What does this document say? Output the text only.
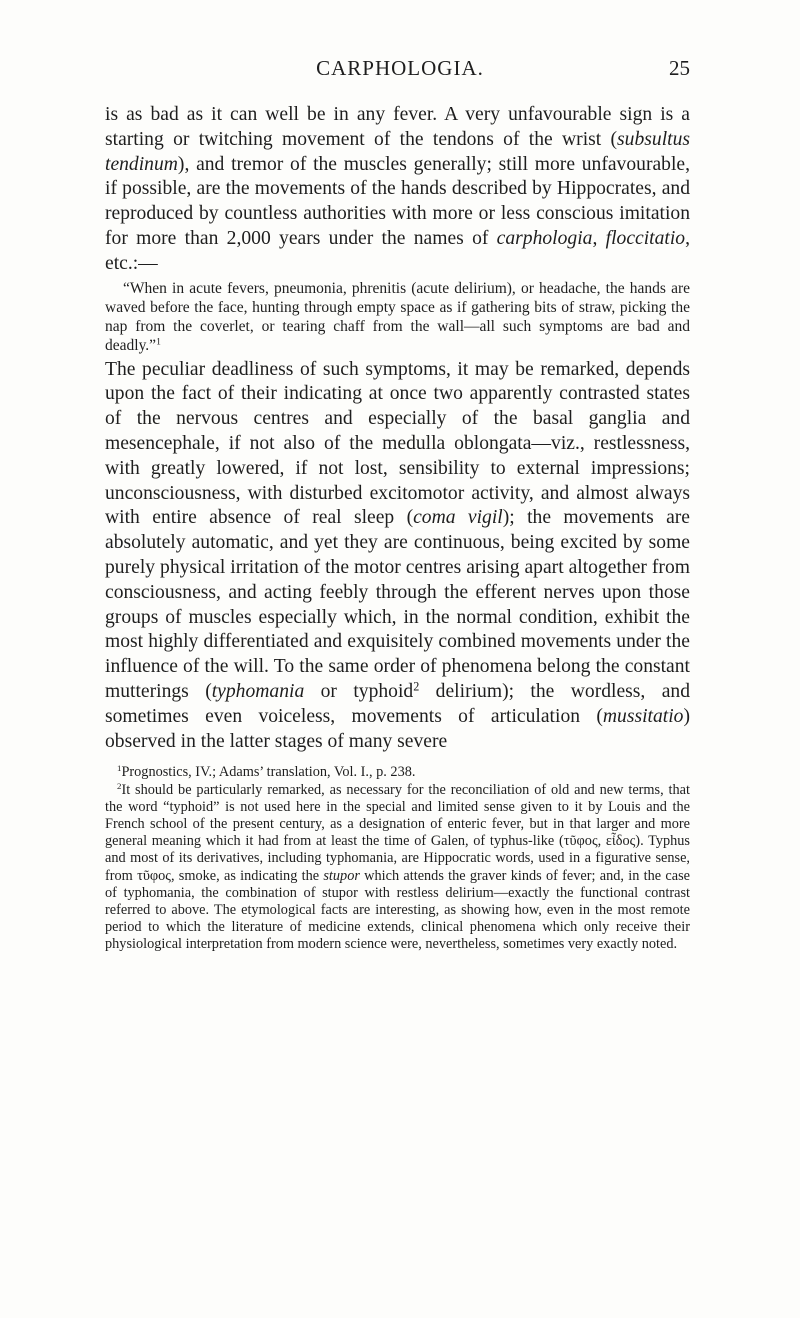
CARPHOLOGIA.	25

is as bad as it can well be in any fever. A very unfavourable sign is a starting or twitching movement of the tendons of the wrist (subsultus tendinum), and tremor of the muscles generally; still more unfavourable, if possible, are the movements of the hands described by Hippocrates, and reproduced by countless authorities with more or less conscious imitation for more than 2,000 years under the names of carphologia, floccitatio, etc.:—

“When in acute fevers, pneumonia, phrenitis (acute delirium), or headache, the hands are waved before the face, hunting through empty space as if gathering bits of straw, picking the nap from the coverlet, or tearing chaff from the wall—all such symptoms are bad and deadly.”$^1$

The peculiar deadliness of such symptoms, it may be remarked, depends upon the fact of their indicating at once two apparently contrasted states of the nervous centres and especially of the basal ganglia and mesencephale, if not also of the medulla oblongata—viz., restlessness, with greatly lowered, if not lost, sensibility to external impressions; unconsciousness, with disturbed excitomotor activity, and almost always with entire absence of real sleep (coma vigil); the movements are absolutely automatic, and yet they are continuous, being excited by some purely physical irritation of the motor centres arising apart altogether from consciousness, and acting feebly through the efferent nerves upon those groups of muscles especially which, in the normal condition, exhibit the most highly differentiated and exquisitely combined movements under the influence of the will. To the same order of phenomena belong the constant mutterings (typhomania or typhoid$^2$ delirium); the wordless, and sometimes even voiceless, movements of articulation (mussitatio) observed in the latter stages of many severe

$^1$Prognostics, IV.; Adams’ translation, Vol. I., p. 238.

$^2$It should be particularly remarked, as necessary for the reconciliation of old and new terms, that the word “typhoid” is not used here in the special and limited sense given to it by Louis and the French school of the present century, as a designation of enteric fever, but in that larger and more general meaning which it had from at least the time of Galen, of typhus-like (τῦφος, εἶδος). Typhus and most of its derivatives, including typhomania, are Hippocratic words, used in a figurative sense, from τῦφος, smoke, as indicating the stupor which attends the graver kinds of fever; and, in the case of typhomania, the combination of stupor with restless delirium—exactly the functional contrast referred to above. The etymological facts are interesting, as showing how, even in the most remote period to which the literature of medicine extends, clinical phenomena which only receive their physiological interpretation from modern science were, nevertheless, sometimes very exactly noted.
